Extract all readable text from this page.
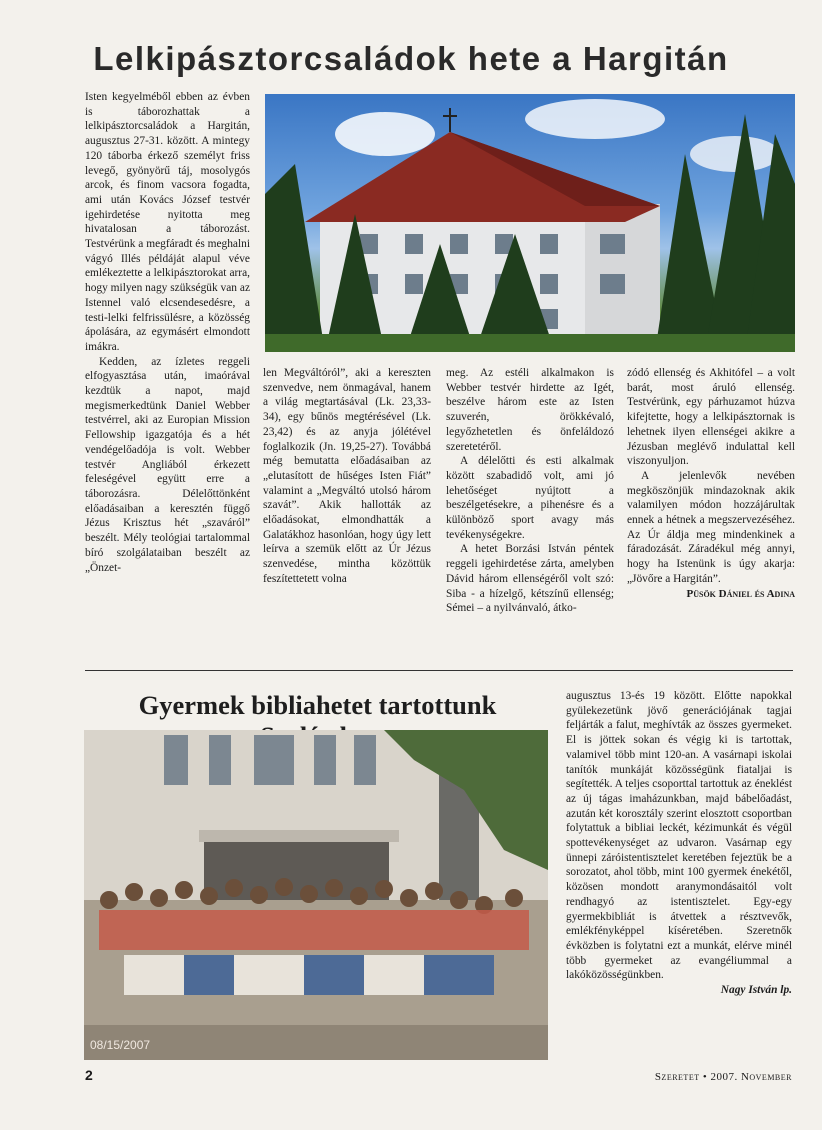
Lelkipásztorcsaládok hete a Hargitán

Isten kegyelméből ebben az évben is táborozhattak a lelkipásztorcsaládok a Hargitán, augusztus 27-31. között. A mintegy 120 táborba érkező személyt friss levegő, gyönyörű táj, mosolygós arcok, és finom vacsora fogadta, ami után Kovács József testvér igehirdetése nyitotta meg hivatalosan a táborozást. Testvérünk a megfáradt és meghalni vágyó Illés példáját alapul véve emlékeztette a lelkipásztorokat arra, hogy milyen nagy szükségük van az Istennel való elcsendesedésre, a testi-lelki felfrissülésre, a közösség ápolására, az egymásért elmondott imákra.

Kedden, az ízletes reggeli elfogyasztása után, imaórával kezdtük a napot, majd megismerkedtünk Daniel Webber testvérrel, aki az Europian Mission Fellowship igazgatója és a hét vendégelőadója is volt. Webber testvér Angliából érkezett feleségével együtt erre a táborozásra. Délelőttönként előadásaiban a keresztén függő Jézus Krisztus hét „szaváról” beszélt. Mély teológiai tartalommal bíró szolgálataiban beszélt az „Önzet-

len Megváltóról”, aki a kereszten szenvedve, nem önmagával, hanem a világ megtartásával (Lk. 23,33-34), egy bűnös megtérésével (Lk. 23,42) és az anyja jólétével foglalkozik (Jn. 19,25-27). Továbbá még bemutatta előadásaiban az „elutasított de hűséges Isten Fiát” valamint a „Megváltó utolsó három szavát”. Akik hallották az előadásokat, elmondhatták a Galatákhoz hasonlóan, hogy úgy lett leírva a szemük előtt az Úr Jézus szenvedése, mintha közöttük feszítettetett volna

meg. Az estéli alkalmakon is Webber testvér hirdette az Igét, beszélve három este az Isten szuverén, örökkévaló, legyőzhetetlen és önfeláldozó szeretetéről.

A délelőtti és esti alkalmak között szabadidő volt, ami jó lehetőséget nyújtott a beszélgetésekre, a pihenésre és a különböző sport avagy más tevékenységekre.

A hetet Borzási István péntek reggeli igehirdetése zárta, amelyben Dávid három ellenségéről volt szó: Siba - a hízelgő, kétszínű ellenség; Sémei – a nyilvánvaló, átko-

zódó ellenség és Akhitófel – a volt barát, most áruló ellenség. Testvérünk, egy párhuzamot húzva kifejtette, hogy a lelkipásztornak is lehetnek ilyen ellenségei akikre a Jézusban meglévő indulattal kell viszonyuljon.

A jelenlevők nevében megköszönjük mindazoknak akik valamilyen módon hozzájárultak ennek a hétnek a megszervezéséhez. Az Úr áldja meg mindenkinek a fáradozását. Záradékul még annyi, hogy ha Istenünk is úgy akarja: „Jövőre a Hargitán”.

Püsök Dániel és Adina
Gyermek bibliahetet tartottunk
08/15/2007

augusztus 13-és 19 között. Előtte napokkal gyülekezetünk jövő generációjának tagjai feljárták a falut, meghívták az összes gyermeket. El is jöttek sokan és végig ki is tartottak, valamivel több mint 120-an. A vasárnapi iskolai tanítók munkáját közösségünk fiataljai is segítették. A teljes csoporttal tartottuk az éneklést az új tágas imaházunkban, majd bábelőadást, azután két korosztály szerint elosztott csoportban folytattuk a bibliai leckét, kézimunkát és végül spottevékenységet az udvaron. Vasárnap egy ünnepi záróistentisztelet keretében fejeztük be a sorozatot, ahol több, mint 100 gyermek énekétől, közösen mondott aranymondásaitól volt rendhagyó az istentisztelet. Egy-egy gyermekbibliát is átvettek a résztvevők, emlékfényképpel kíséretében. Szeretnők évközben is folytatni ezt a munkát, elérve minél több gyermeket az evangéliummal a lakóközösségünkben.

Nagy István lp.
2	Szeretet • 2007. November
